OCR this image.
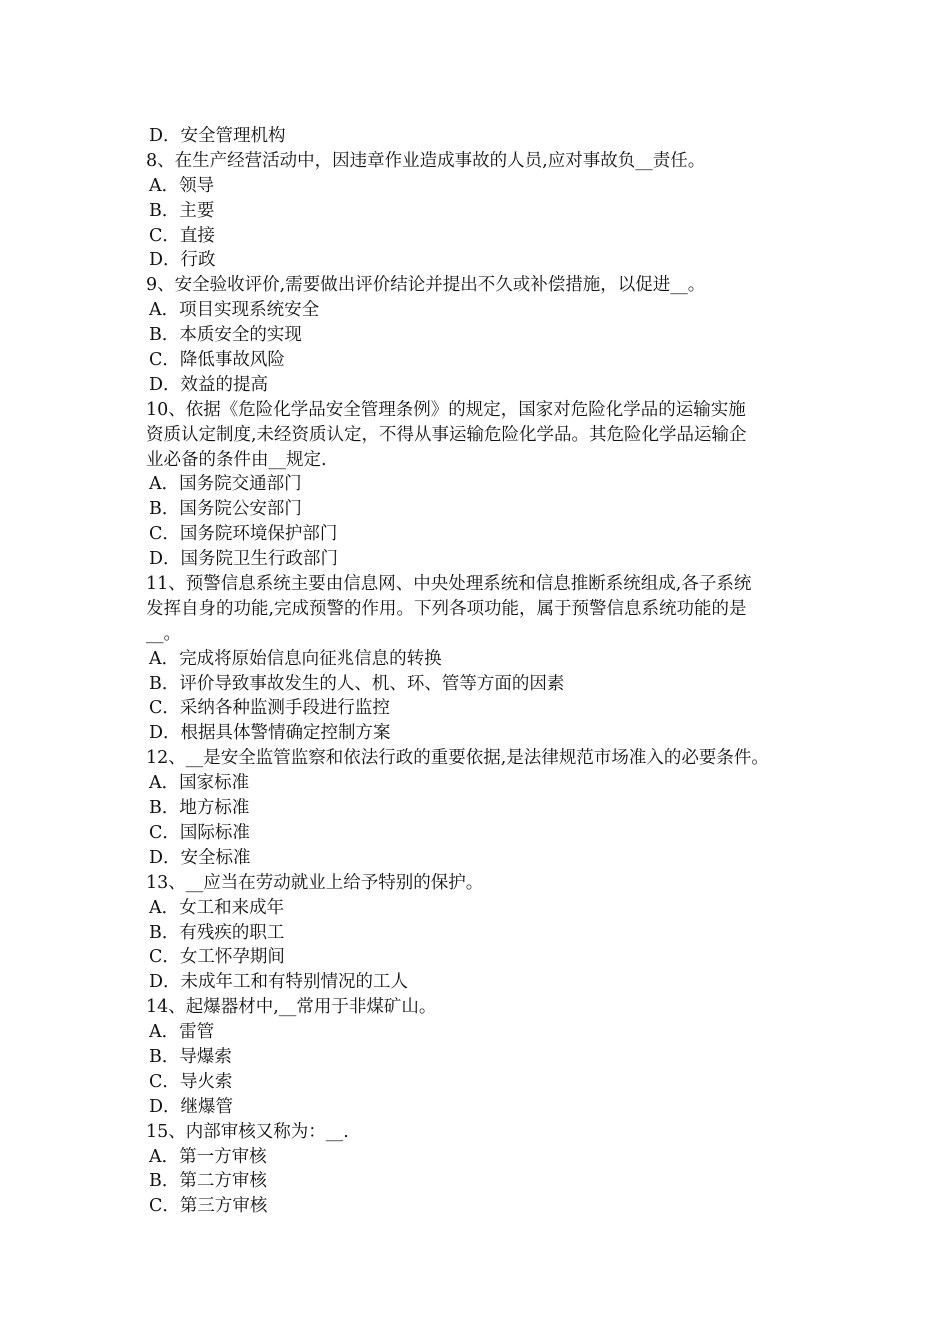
D．安全管理机构
8、在生产经营活动中，因违章作业造成事故的人员,应对事故负__责任。
A．领导
B．主要
C．直接
D．行政
9、安全验收评价,需要做出评价结论并提出不久或补偿措施，以促进__。
A．项目实现系统安全
B．本质安全的实现
C．降低事故风险
D．效益的提高
10、依据《危险化学品安全管理条例》的规定，国家对危险化学品的运输实施
资质认定制度,未经资质认定，不得从事运输危险化学品。其危险化学品运输企
业必备的条件由__规定.
A．国务院交通部门
B．国务院公安部门
C．国务院环境保护部门
D．国务院卫生行政部门
11、预警信息系统主要由信息网、中央处理系统和信息推断系统组成,各子系统
发挥自身的功能,完成预警的作用。下列各项功能，属于预警信息系统功能的是
__。
A．完成将原始信息向征兆信息的转换
B．评价导致事故发生的人、机、环、管等方面的因素
C．采纳各种监测手段进行监控
D．根据具体警情确定控制方案
12、__是安全监管监察和依法行政的重要依据,是法律规范市场准入的必要条件。
A．国家标准
B．地方标准
C．国际标准
D．安全标准
13、__应当在劳动就业上给予特别的保护。
A．女工和来成年
B．有残疾的职工
C．女工怀孕期间
D．未成年工和有特别情况的工人
14、起爆器材中,__常用于非煤矿山。
A．雷管
B．导爆索
C．导火索
D．继爆管
15、内部审核又称为：__.
A．第一方审核
B．第二方审核
C．第三方审核
